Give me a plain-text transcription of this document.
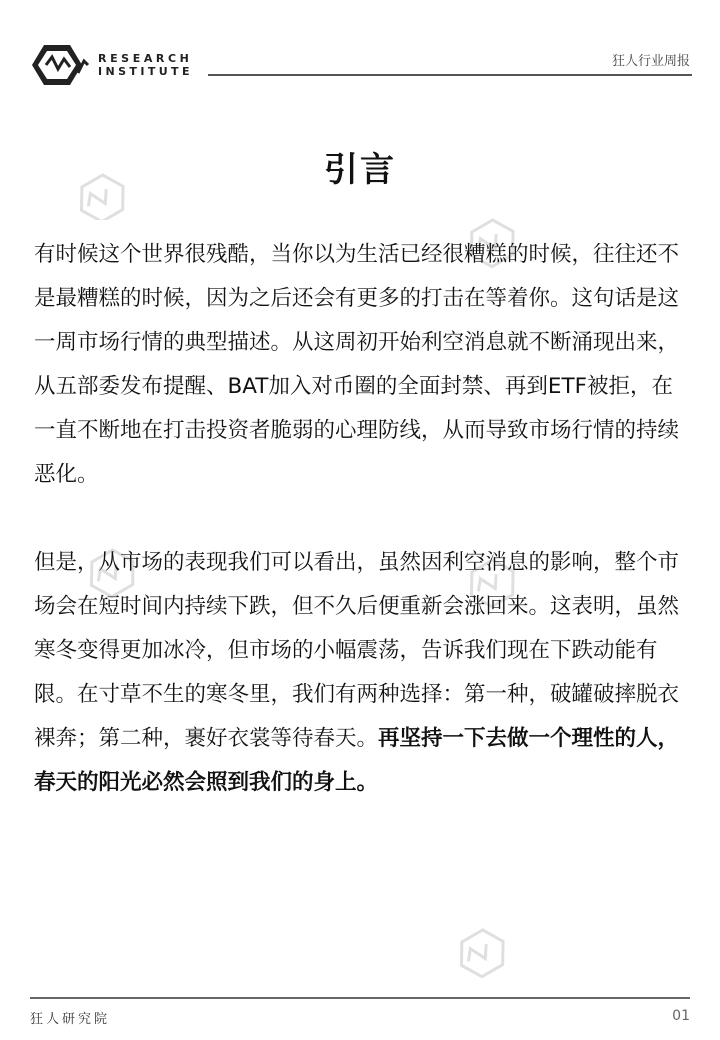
RESEARCH
INSTITUTE
狂人行业周报
引言

有时候这个世界很残酷，当你以为生活已经很糟糕的时候，往往还不是最糟糕的时候，因为之后还会有更多的打击在等着你。这句话是这一周市场行情的典型描述。从这周初开始利空消息就不断涌现出来，从五部委发布提醒、BAT加入对币圈的全面封禁、再到ETF被拒，在一直不断地在打击投资者脆弱的心理防线，从而导致市场行情的持续恶化。

但是，从市场的表现我们可以看出，虽然因利空消息的影响，整个市场会在短时间内持续下跌，但不久后便重新会涨回来。这表明，虽然寒冬变得更加冰冷，但市场的小幅震荡，告诉我们现在下跌动能有限。在寸草不生的寒冬里，我们有两种选择：第一种，破罐破摔脱衣裸奔；第二种，裹好衣裳等待春天。再坚持一下去做一个理性的人，春天的阳光必然会照到我们的身上。

狂人研究院	01
